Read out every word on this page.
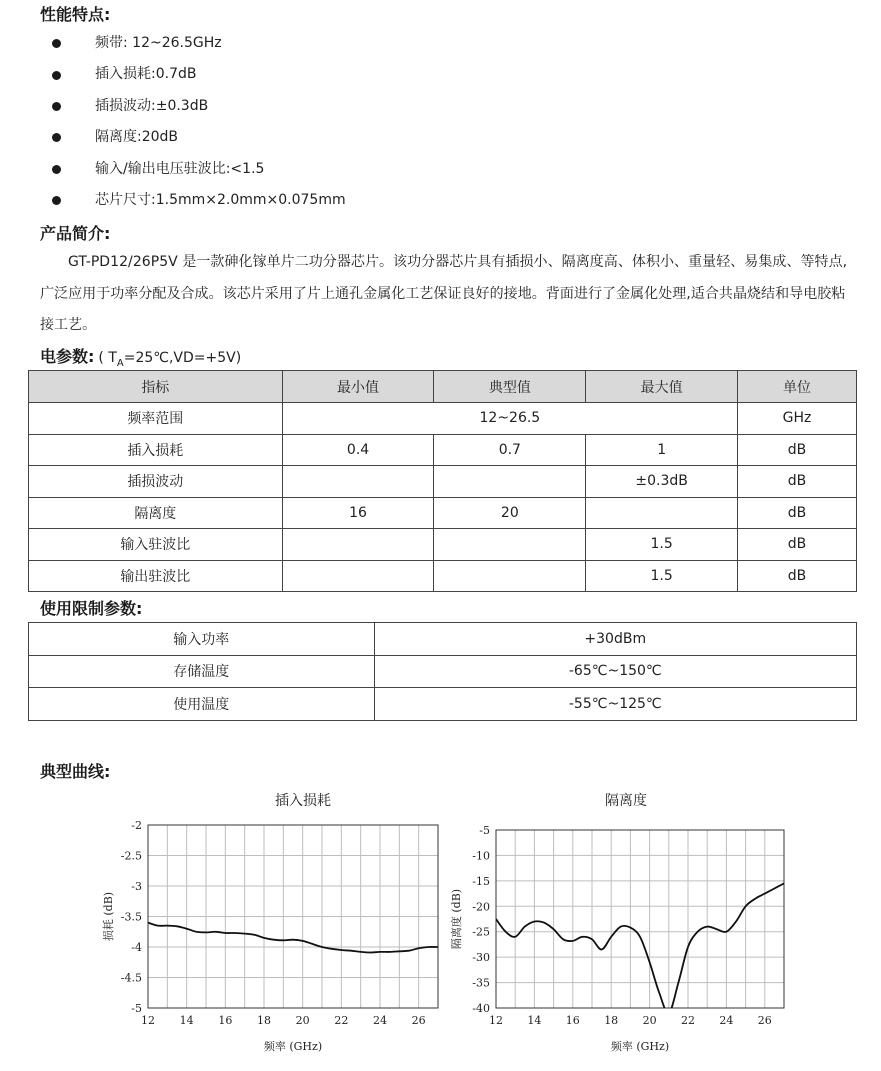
性能特点:
频带: 12~26.5GHz
插入损耗:0.7dB
插损波动:±0.3dB
隔离度:20dB
输入/输出电压驻波比:<1.5
芯片尺寸:1.5mm×2.0mm×0.075mm
产品简介:

GT-PD12/26P5V 是一款砷化镓单片二功分器芯片。该功分器芯片具有插损小、隔离度高、体积小、重量轻、易集成、等特点,广泛应用于功率分配及合成。该芯片采用了片上通孔金属化工艺保证良好的接地。背面进行了金属化处理,适合共晶烧结和导电胶粘接工艺。

电参数: ( $T_A=25℃,VD=+5V$)
指标	最小值	典型值	最大值	单位
频率范围	12~26.5			GHz
插入损耗	0.4	0.7	1	dB
插损波动			±0.3dB	dB
隔离度	16	20		dB
输入驻波比			1.5	dB
输出驻波比			1.5	dB
使用限制参数:
输入功率	+30dBm
存储温度	-65℃~150℃
使用温度	-55℃~125℃
典型曲线:
插入损耗	隔离度
-2
-2.5
-3
-3.5
-4
-4.5
-5
12 14 16 18 20 22 24 26
频率 (GHz)
损耗 (dB)
-5
-10
-15
-20
-25
-30
-35
-40
12 14 16 18 20 22 24 26
频率 (GHz)
隔离度 (dB)
